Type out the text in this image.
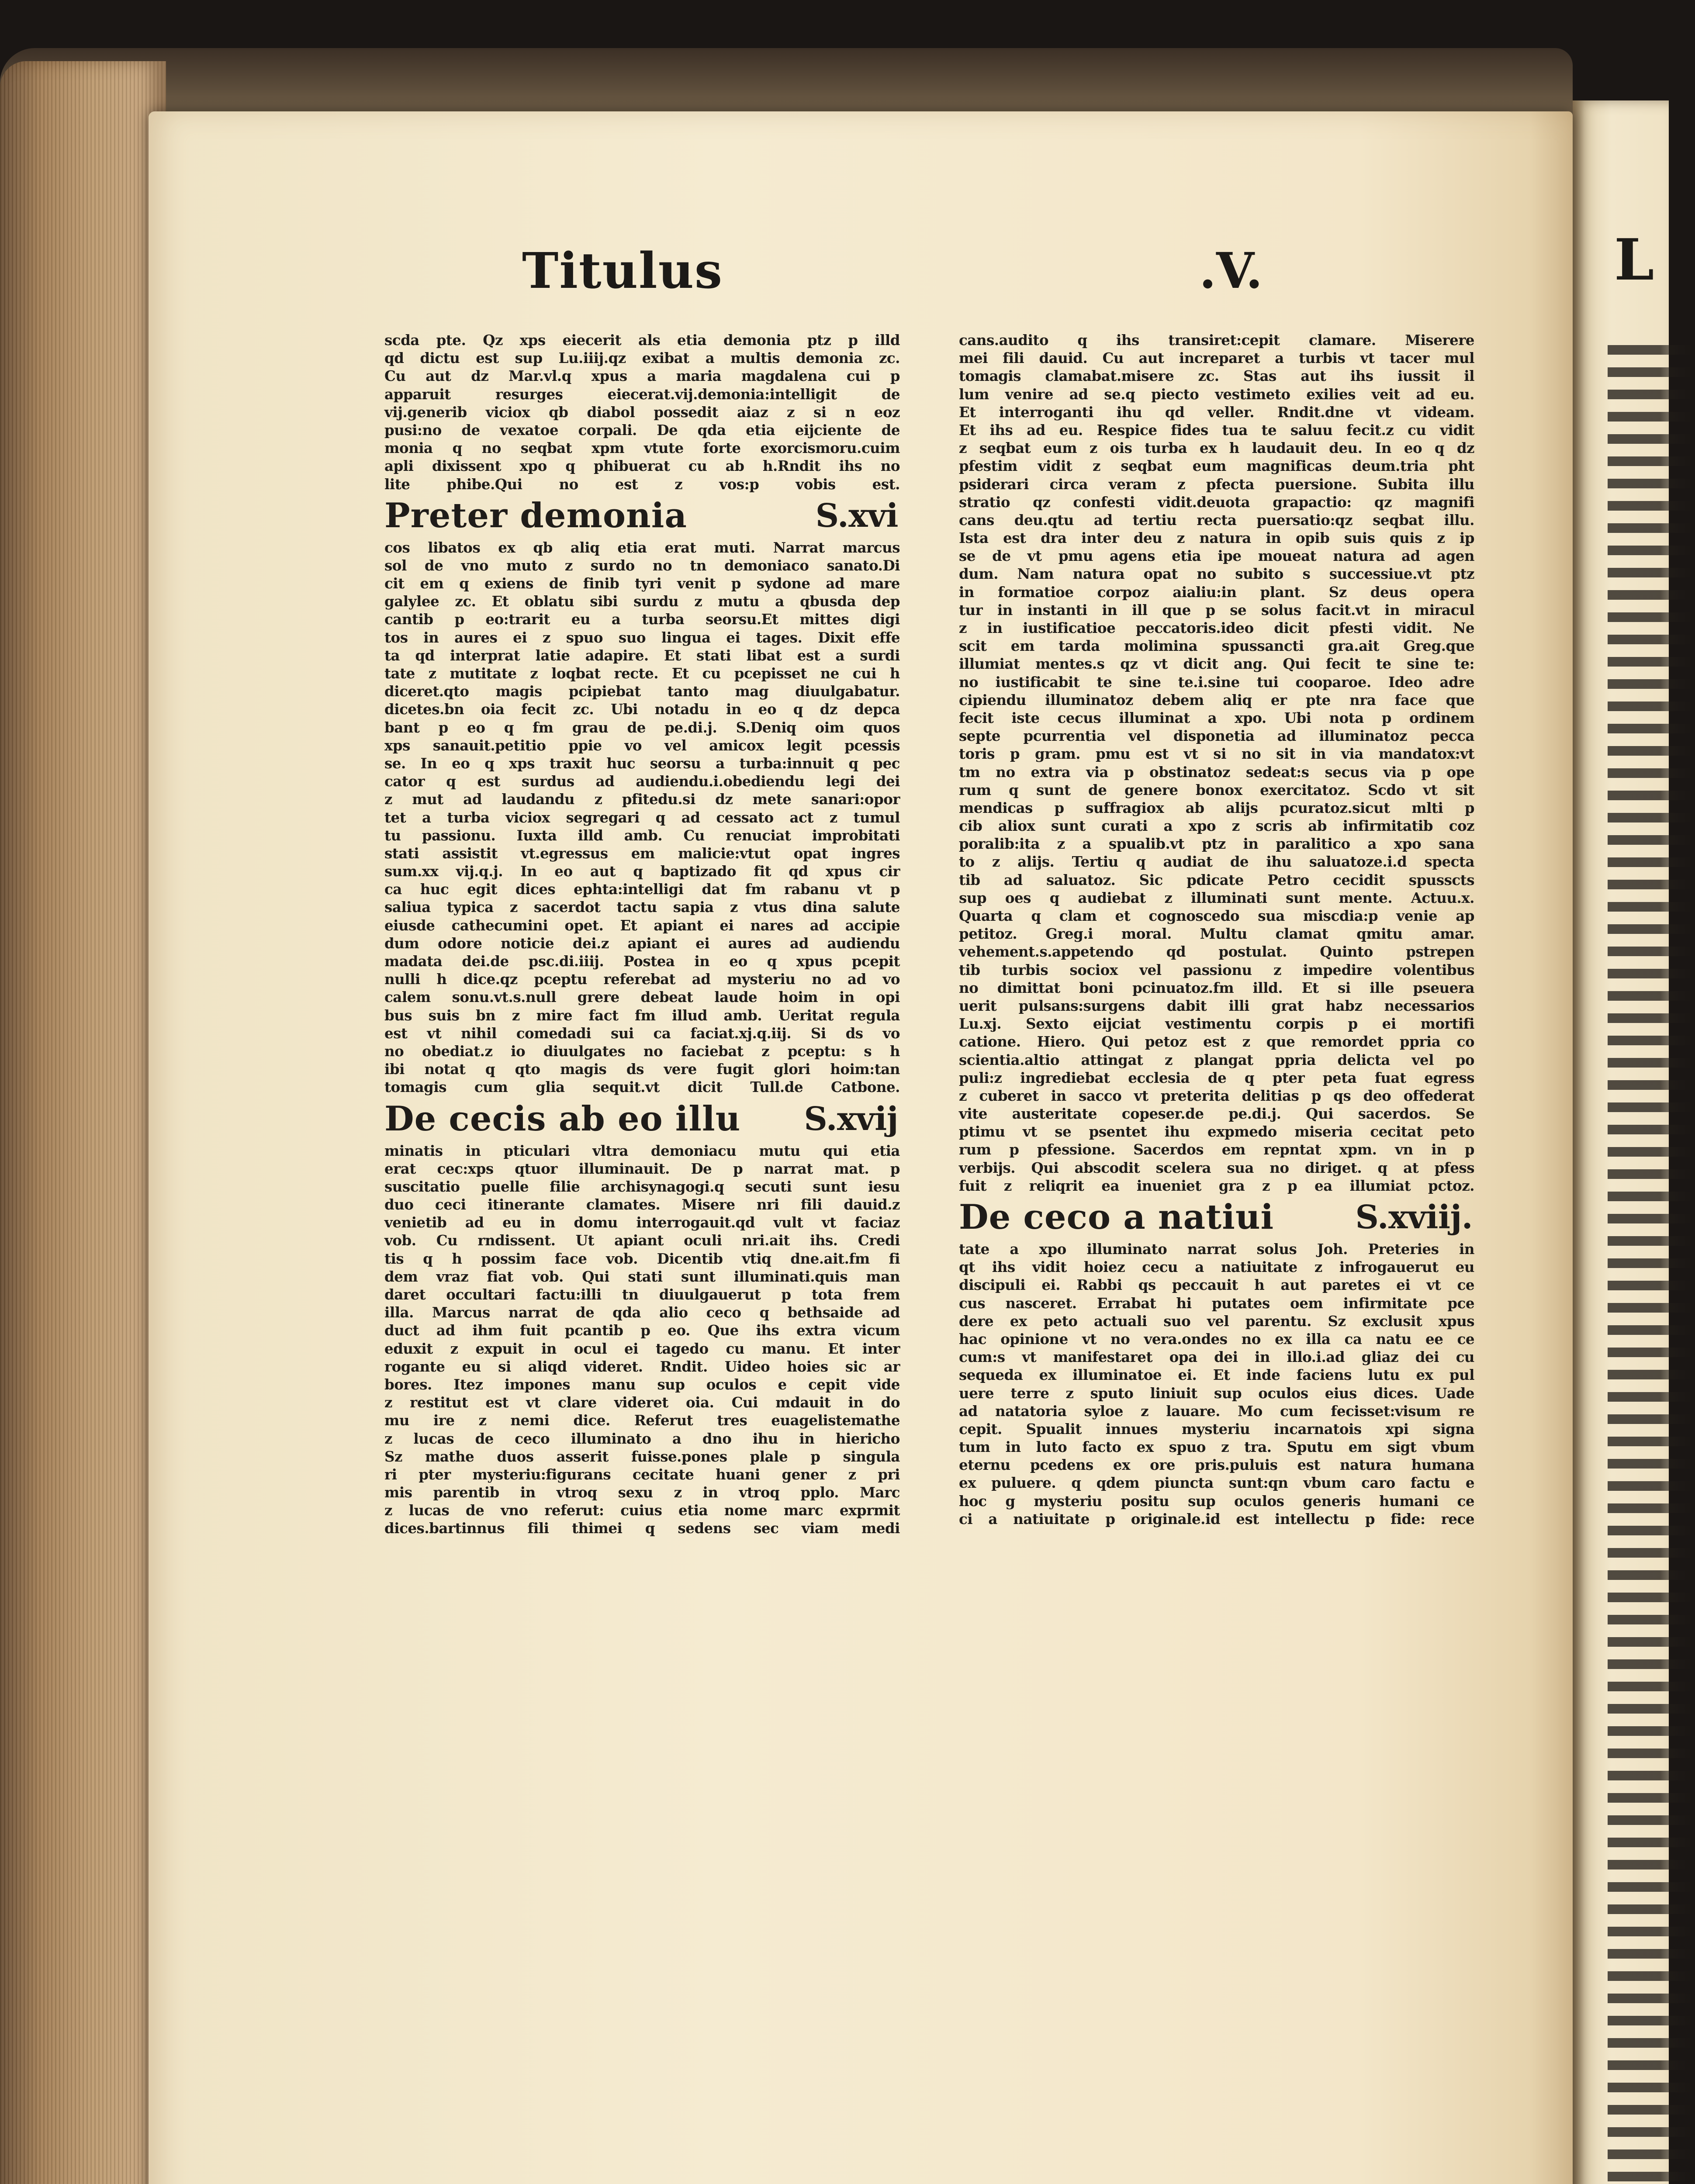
L
Titulus	.V.
scda pte. Qz xps eiecerit als etia demonia ptz p illd
qd dictu est sup Lu.iiij.qz exibat a multis demonia zc.
Cu aut dz Mar.vl.q xpus a maria magdalena cui p
apparuit resurges eiecerat.vij.demonia:intelligit de
vij.generib viciox qb diabol possedit aiaz z si n eoz
pusi:no de vexatoe corpali. De qda etia eijciente de
monia q no seqbat xpm vtute forte exorcismoru.cuim
apli dixissent xpo q phibuerat cu ab h.Rndit ihs no
lite phibe.Qui no est z vos:p vobis est.
Preter demonia	S.xvi
cos libatos ex qb aliq etia erat muti. Narrat marcus
sol de vno muto z surdo no tn demoniaco sanato.Di
cit em q exiens de finib tyri venit p sydone ad mare
galylee zc. Et oblatu sibi surdu z mutu a qbusda dep
cantib p eo:trarit eu a turba seorsu.Et mittes digi
tos in aures ei z spuo suo lingua ei tages. Dixit effe
ta qd interprat latie adapire. Et stati libat est a surdi
tate z mutitate z loqbat recte. Et cu pcepisset ne cui h
diceret.qto magis pcipiebat tanto mag diuulgabatur.
dicetes.bn oia fecit zc. Ubi notadu in eo q dz depca
bant p eo q fm grau de pe.di.j. S.Deniq oim quos
xps sanauit.petitio ppie vo vel amicox legit pcessis
se. In eo q xps traxit huc seorsu a turba:innuit q pec
cator q est surdus ad audiendu.i.obediendu legi dei
z mut ad laudandu z pfitedu.si dz mete sanari:opor
tet a turba viciox segregari q ad cessato act z tumul
tu passionu. Iuxta illd amb. Cu renuciat improbitati
stati assistit vt.egressus em malicie:vtut opat ingres
sum.xx vij.q.j. In eo aut q baptizado fit qd xpus cir
ca huc egit dices ephta:intelligi dat fm rabanu vt p
saliua typica z sacerdot tactu sapia z vtus dina salute
eiusde cathecumini opet. Et apiant ei nares ad accipie
dum odore noticie dei.z apiant ei aures ad audiendu
madata dei.de psc.di.iiij. Postea in eo q xpus pcepit
nulli h dice.qz pceptu referebat ad mysteriu no ad vo
calem sonu.vt.s.null grere debeat laude hoim in opi
bus suis bn z mire fact fm illud amb. Ueritat regula
est vt nihil comedadi sui ca faciat.xj.q.iij. Si ds vo
no obediat.z io diuulgates no faciebat z pceptu: s h
ibi notat q qto magis ds vere fugit glori hoim:tan
tomagis cum glia sequit.vt dicit Tull.de Catbone.
De cecis ab eo illu S.xvij
minatis in pticulari vltra demoniacu mutu qui etia
erat cec:xps qtuor illuminauit. De p narrat mat. p
suscitatio puelle filie archisynagogi.q secuti sunt iesu
duo ceci itinerante clamates. Misere nri fili dauid.z
venietib ad eu in domu interrogauit.qd vult vt faciaz
vob. Cu rndissent. Ut apiant oculi nri.ait ihs. Credi
tis q h possim face vob. Dicentib vtiq dne.ait.fm fi
dem vraz fiat vob. Qui stati sunt illuminati.quis man
daret occultari factu:illi tn diuulgauerut p tota frem
illa. Marcus narrat de qda alio ceco q bethsaide ad
duct ad ihm fuit pcantib p eo. Que ihs extra vicum
eduxit z expuit in ocul ei tagedo cu manu. Et inter
rogante eu si aliqd videret. Rndit. Uideo hoies sic ar
bores. Itez impones manu sup oculos e cepit vide
z restitut est vt clare videret oia. Cui mdauit in do
mu ire z nemi dice. Referut tres euagelistemathe
z lucas de ceco illuminato a dno ihu in hiericho
Sz mathe duos asserit fuisse.pones plale p singula
ri pter mysteriu:figurans cecitate huani gener z pri
mis parentib in vtroq sexu z in vtroq pplo. Marc
z lucas de vno referut: cuius etia nome marc exprmit
dices.bartinnus fili thimei q sedens sec viam medi
cans.audito q ihs transiret:cepit clamare. Miserere
mei fili dauid. Cu aut increparet a turbis vt tacer mul
tomagis clamabat.misere zc. Stas aut ihs iussit il
lum venire ad se.q piecto vestimeto exilies veit ad eu.
Et interroganti ihu qd veller. Rndit.dne vt videam.
Et ihs ad eu. Respice fides tua te saluu fecit.z cu vidit
z seqbat eum z ois turba ex h laudauit deu. In eo q dz
pfestim vidit z seqbat eum magnificas deum.tria pht
psiderari circa veram z pfecta puersione. Subita illu
stratio qz confesti vidit.deuota grapactio: qz magnifi
cans deu.qtu ad tertiu recta puersatio:qz seqbat illu.
Ista est dra inter deu z natura in opib suis quis z ip
se de vt pmu agens etia ipe moueat natura ad agen
dum. Nam natura opat no subito s successiue.vt ptz
in formatioe corpoz aialiu:in plant. Sz deus opera
tur in instanti in ill que p se solus facit.vt in miracul
z in iustificatioe peccatoris.ideo dicit pfesti vidit. Ne
scit em tarda molimina spussancti gra.ait Greg.que
illumiat mentes.s qz vt dicit ang. Qui fecit te sine te:
no iustificabit te sine te.i.sine tui cooparoe. Ideo adre
cipiendu illuminatoz debem aliq er pte nra face que
fecit iste cecus illuminat a xpo. Ubi nota p ordinem
septe pcurrentia vel disponetia ad illuminatoz pecca
toris p gram. pmu est vt si no sit in via mandatox:vt
tm no extra via p obstinatoz sedeat:s secus via p ope
rum q sunt de genere bonox exercitatoz. Scdo vt sit
mendicas p suffragiox ab alijs pcuratoz.sicut mlti p
cib aliox sunt curati a xpo z scris ab infirmitatib coz
poralib:ita z a spualib.vt ptz in paralitico a xpo sana
to z alijs. Tertiu q audiat de ihu saluatoze.i.d specta
tib ad saluatoz. Sic pdicate Petro cecidit spusscts
sup oes q audiebat z illuminati sunt mente. Actuu.x.
Quarta q clam et cognoscedo sua miscdia:p venie ap
petitoz. Greg.i moral. Multu clamat qmitu amar.
vehement.s.appetendo qd postulat. Quinto pstrepen
tib turbis sociox vel passionu z impedire volentibus
no dimittat boni pcinuatoz.fm illd. Et si ille pseuera
uerit pulsans:surgens dabit illi grat habz necessarios
Lu.xj. Sexto eijciat vestimentu corpis p ei mortifi
catione. Hiero. Qui petoz est z que remordet ppria co
scientia.altio attingat z plangat ppria delicta vel po
puli:z ingrediebat ecclesia de q pter peta fuat egress
z cuberet in sacco vt preterita delitias p qs deo offederat
vite austeritate copeser.de pe.di.j. Qui sacerdos. Se
ptimu vt se psentet ihu expmedo miseria cecitat peto
rum p pfessione. Sacerdos em repntat xpm. vn in p
verbijs. Qui abscodit scelera sua no diriget. q at pfess
fuit z reliqrit ea inueniet gra z p ea illumiat pctoz.
De ceco a natiui	S.xviij.
tate a xpo illuminato narrat solus Joh. Preteries in
qt ihs vidit hoiez cecu a natiuitate z infrogauerut eu
discipuli ei. Rabbi qs peccauit h aut paretes ei vt ce
cus nasceret. Errabat hi putates oem infirmitate pce
dere ex peto actuali suo vel parentu. Sz exclusit xpus
hac opinione vt no vera.ondes no ex illa ca natu ee ce
cum:s vt manifestaret opa dei in illo.i.ad gliaz dei cu
sequeda ex illuminatoe ei. Et inde faciens lutu ex pul
uere terre z sputo liniuit sup oculos eius dices. Uade
ad natatoria syloe z lauare. Mo cum fecisset:visum re
cepit. Spualit innues mysteriu incarnatois xpi signa
tum in luto facto ex spuo z tra. Sputu em sigt vbum
eternu pcedens ex ore pris.puluis est natura humana
ex puluere. q qdem piuncta sunt:qn vbum caro factu e
hoc g mysteriu positu sup oculos generis humani ce
ci a natiuitate p originale.id est intellectu p fide: rece
